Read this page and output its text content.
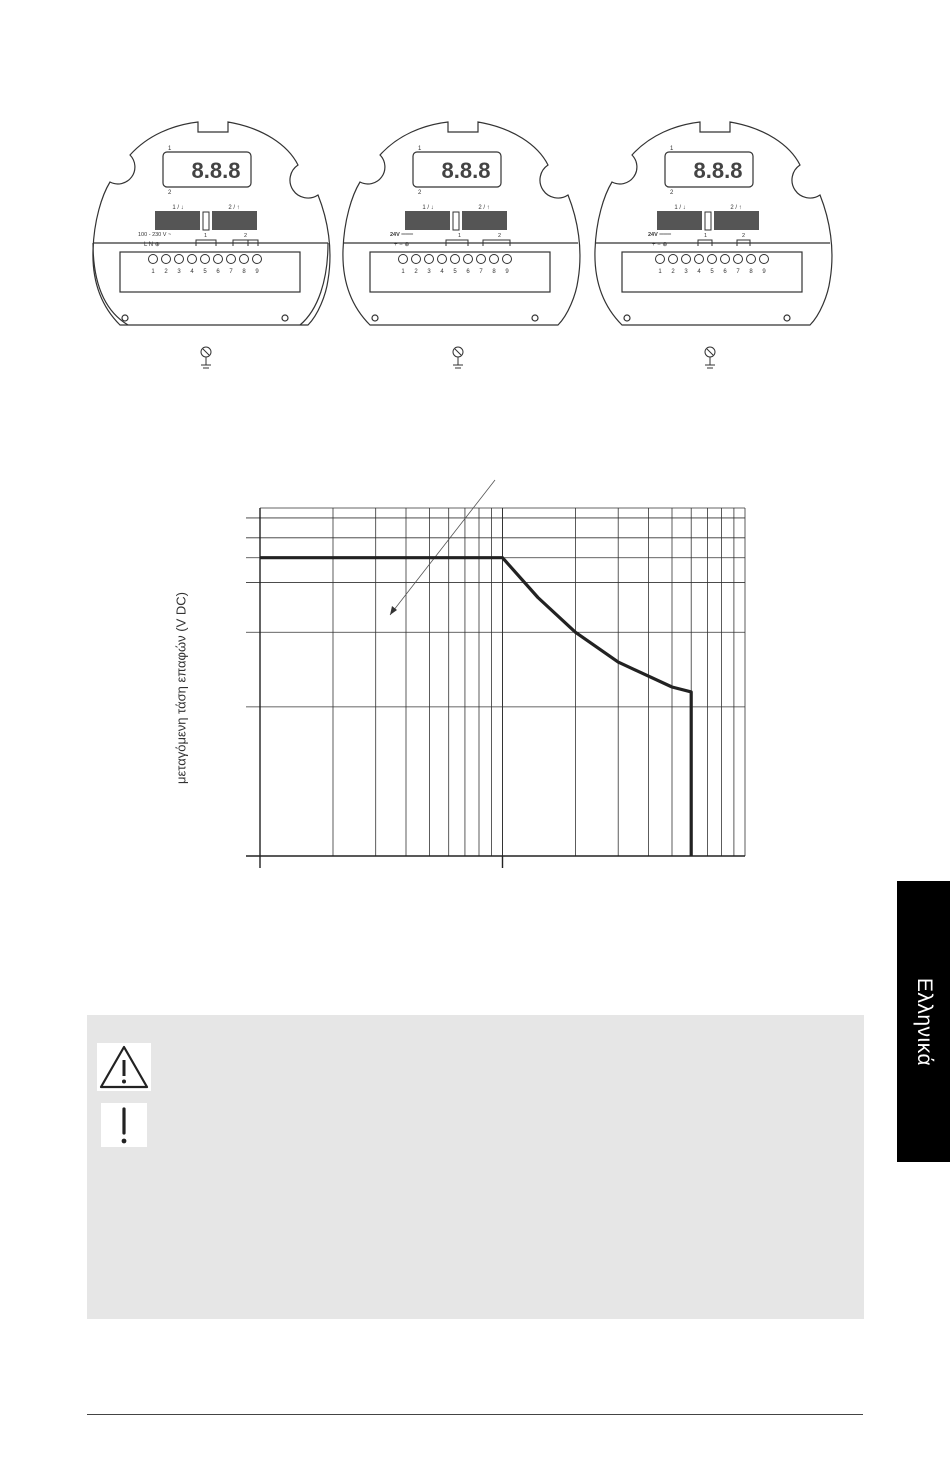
8.8.8
1
2
1 / ↓	2 / ↑
100 - 230 V ~
L N ⊕
1	2
1 2 3 4 5 6 7 8 9
8.8.8
1
2
1 / ↓	2 / ↑
24V ═══
+ − ⊕
1	2
1 2 3 4 5 6 7 8 9
8.8.8
1
2
1 / ↓	2 / ↑
24V ═══
+ − ⊕
1	2
1 2 3 4 5 6 7 8 9
μεταγόμενη τάση επαφών (V DC)
Ελληνικά
